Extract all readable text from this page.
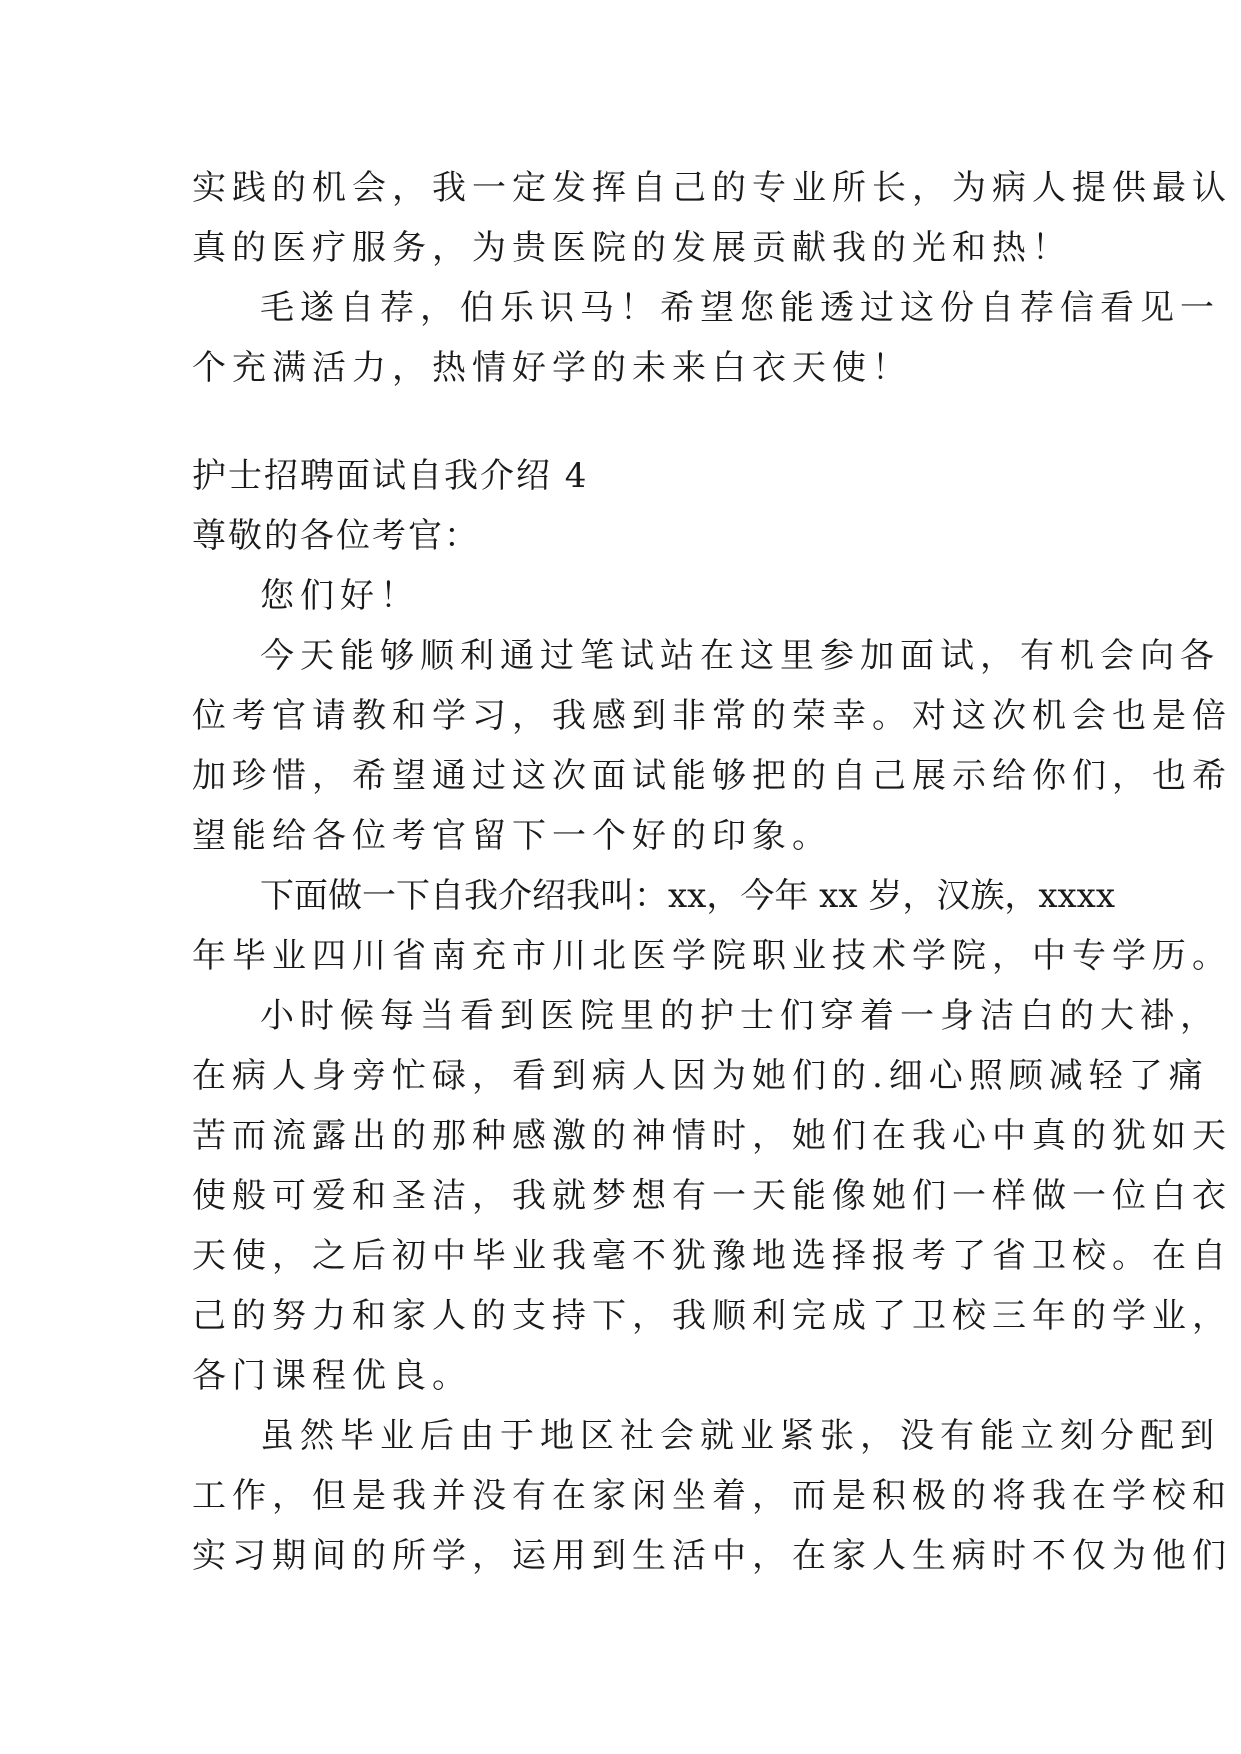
实践的机会，我一定发挥自己的专业所长，为病人提供最认
真的医疗服务，为贵医院的发展贡献我的光和热！
毛遂自荐，伯乐识马！希望您能透过这份自荐信看见一
个充满活力，热情好学的未来白衣天使！
护士招聘面试自我介绍 4
尊敬的各位考官：
您们好！
今天能够顺利通过笔试站在这里参加面试，有机会向各
位考官请教和学习，我感到非常的荣幸。对这次机会也是倍
加珍惜，希望通过这次面试能够把的自己展示给你们，也希
望能给各位考官留下一个好的印象。
下面做一下自我介绍我叫：xx，今年 xx 岁，汉族，xxxx
年毕业四川省南充市川北医学院职业技术学院，中专学历。
小时候每当看到医院里的护士们穿着一身洁白的大褂，
在病人身旁忙碌，看到病人因为她们的.细心照顾减轻了痛
苦而流露出的那种感激的神情时，她们在我心中真的犹如天
使般可爱和圣洁，我就梦想有一天能像她们一样做一位白衣
天使，之后初中毕业我毫不犹豫地选择报考了省卫校。在自
己的努力和家人的支持下，我顺利完成了卫校三年的学业，
各门课程优良。
虽然毕业后由于地区社会就业紧张，没有能立刻分配到
工作，但是我并没有在家闲坐着，而是积极的将我在学校和
实习期间的所学，运用到生活中，在家人生病时不仅为他们
